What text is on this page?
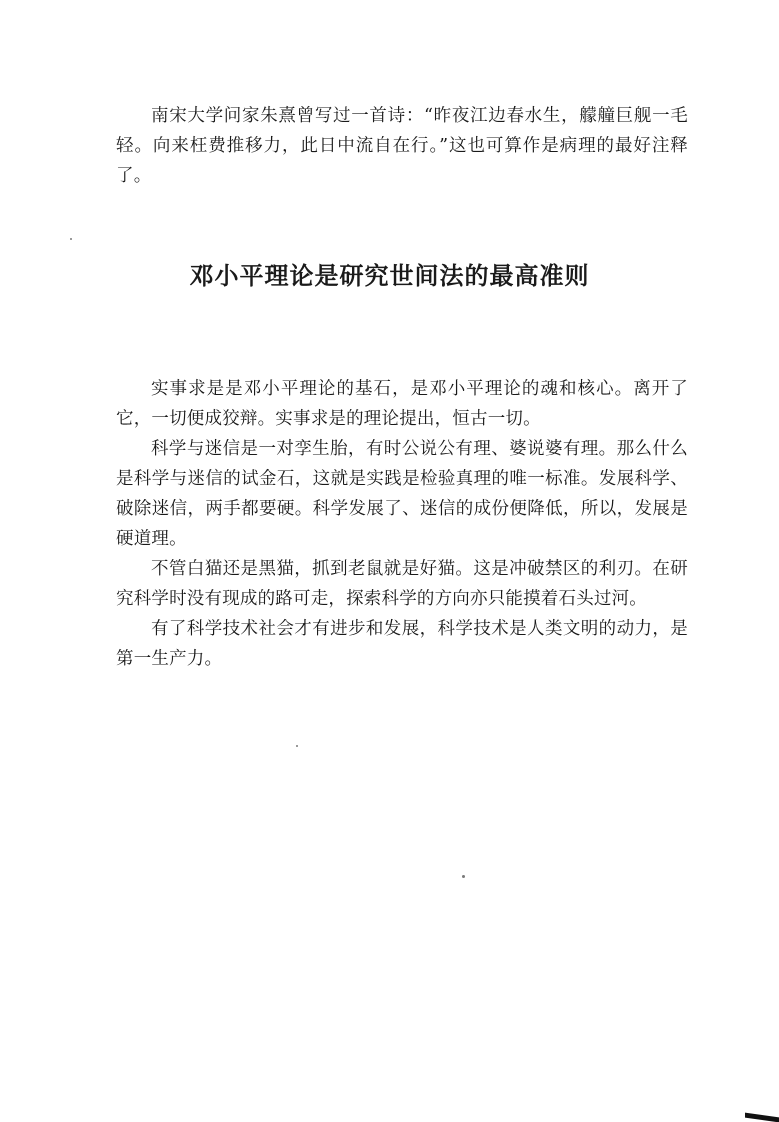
南宋大学问家朱熹曾写过一首诗：“昨夜江边春水生，艨艟巨舰一毛轻。向来枉费推移力，此日中流自在行。”这也可算作是病理的最好注释了。

邓小平理论是研究世间法的最高准则

实事求是是邓小平理论的基石，是邓小平理论的魂和核心。离开了它，一切便成狡辩。实事求是的理论提出，恒古一切。

科学与迷信是一对孪生胎，有时公说公有理、婆说婆有理。那么什么是科学与迷信的试金石，这就是实践是检验真理的唯一标准。发展科学、破除迷信，两手都要硬。科学发展了、迷信的成份便降低，所以，发展是硬道理。

不管白猫还是黑猫，抓到老鼠就是好猫。这是冲破禁区的利刃。在研究科学时没有现成的路可走，探索科学的方向亦只能摸着石头过河。

有了科学技术社会才有进步和发展，科学技术是人类文明的动力，是第一生产力。
